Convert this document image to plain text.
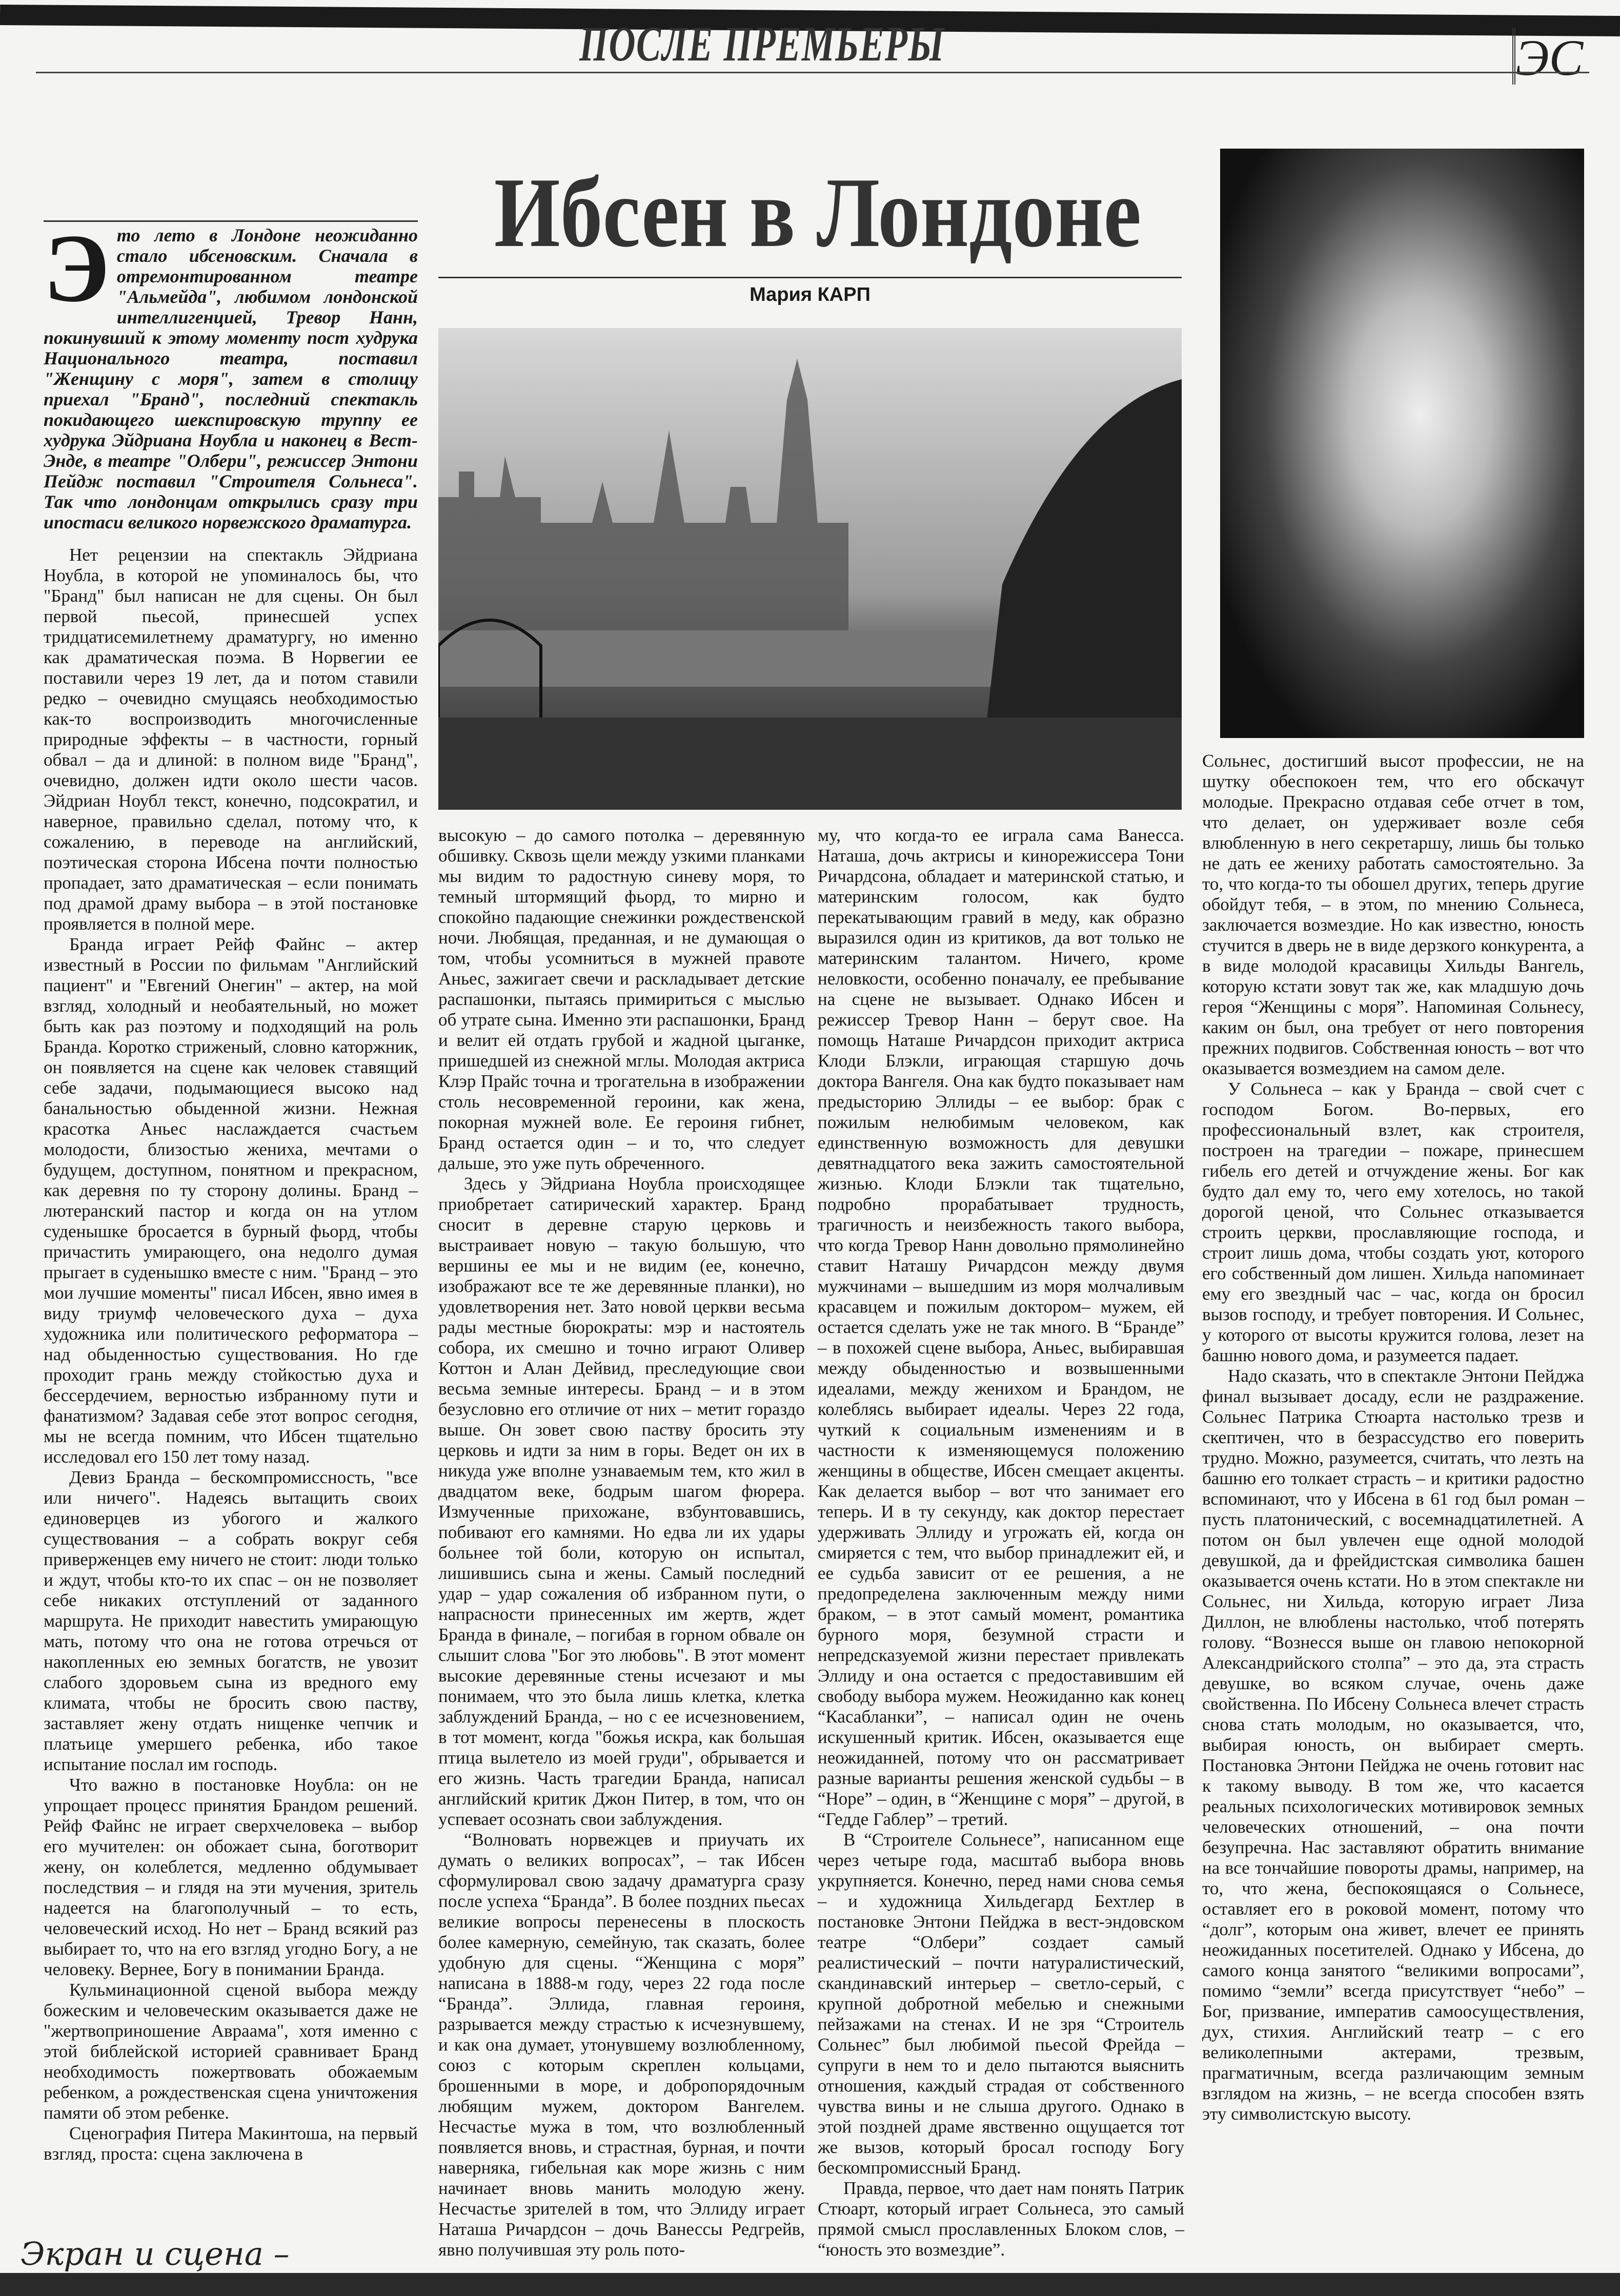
ПОСЛЕ ПРЕМЬЕРЫ	ЭС
Э то лето в Лондоне неожиданно стало ибсеновским. Сначала в отремонтированном театре "Альмейда", любимом лондонской интеллигенцией, Тревор Нанн, покинувший к этому моменту пост худрука Национального театра, поставил "Женщину с моря", затем в столицу приехал "Бранд", последний спектакль покидающего шекспировскую труппу ее худрука Эйдриана Ноубла и наконец в Вест-Энде, в театре "Олбери", режиссер Энтони Пейдж поставил "Строителя Сольнеса". Так что лондонцам открылись сразу три ипостаси великого норвежского драматурга.

Нет рецензии на спектакль Эйдриана Ноубла, в которой не упоминалось бы, что "Бранд" был написан не для сцены. Он был первой пьесой, принесшей успех тридцатисемилетнему драматургу, но именно как драматическая поэма. В Норвегии ее поставили через 19 лет, да и потом ставили редко – очевидно смущаясь необходимостью как-то воспроизводить многочисленные природные эффекты – в частности, горный обвал – да и длиной: в полном виде "Бранд", очевидно, должен идти около шести часов. Эйдриан Ноубл текст, конечно, подсократил, и наверное, правильно сделал, потому что, к сожалению, в переводе на английский, поэтическая сторона Ибсена почти полностью пропадает, зато драматическая – если понимать под драмой драму выбора – в этой постановке проявляется в полной мере.

Бранда играет Рейф Файнс – актер известный в России по фильмам "Английский пациент" и "Евгений Онегин" – актер, на мой взгляд, холодный и необаятельный, но может быть как раз поэтому и подходящий на роль Бранда. Коротко стриженый, словно каторжник, он появляется на сцене как человек ставящий себе задачи, подымающиеся высоко над банальностью обыденной жизни. Нежная красотка Аньес наслаждается счастьем молодости, близостью жениха, мечтами о будущем, доступном, понятном и прекрасном, как деревня по ту сторону долины. Бранд – лютеранский пастор и когда он на утлом суденышке бросается в бурный фьорд, чтобы причастить умирающего, она недолго думая прыгает в суденышко вместе с ним. "Бранд – это мои лучшие моменты" писал Ибсен, явно имея в виду триумф человеческого духа – духа художника или политического реформатора – над обыденностью существования. Но где проходит грань между стойкостью духа и бессердечием, верностью избранному пути и фанатизмом? Задавая себе этот вопрос сегодня, мы не всегда помним, что Ибсен тщательно исследовал его 150 лет тому назад.

Девиз Бранда – бескомпромиссность, "все или ничего". Надеясь вытащить своих единоверцев из убогого и жалкого существования – а собрать вокруг себя приверженцев ему ничего не стоит: люди только и ждут, чтобы кто-то их спас – он не позволяет себе никаких отступлений от заданного маршрута. Не приходит навестить умирающую мать, потому что она не готова отречься от накопленных ею земных богатств, не увозит слабого здоровьем сына из вредного ему климата, чтобы не бросить свою паству, заставляет жену отдать нищенке чепчик и платьице умершего ребенка, ибо такое испытание послал им господь.

Что важно в постановке Ноубла: он не упрощает процесс принятия Брандом решений. Рейф Файнс не играет сверхчеловека – выбор его мучителен: он обожает сына, боготворит жену, он колеблется, медленно обдумывает последствия – и глядя на эти мучения, зритель надеется на благополучный – то есть, человеческий исход. Но нет – Бранд всякий раз выбирает то, что на его взгляд угодно Богу, а не человеку. Вернее, Богу в понимании Бранда.

Кульминационной сценой выбора между божеским и человеческим оказывается даже не "жертвоприношение Авраама", хотя именно с этой библейской историей сравнивает Бранд необходимость пожертвовать обожаемым ребенком, а рождественская сцена уничтожения памяти об этом ребенке.

Сценография Питера Макинтоша, на первый взгляд, проста: сцена заключена в

Ибсен в Лондоне
Мария КАРП

высокую – до самого потолка – деревянную обшивку. Сквозь щели между узкими планками мы видим то радостную синеву моря, то темный штормящий фьорд, то мирно и спокойно падающие снежинки рождественской ночи. Любящая, преданная, и не думающая о том, чтобы усомниться в мужней правоте Аньес, зажигает свечи и раскладывает детские распашонки, пытаясь примириться с мыслью об утрате сына. Именно эти распашонки, Бранд и велит ей отдать грубой и жадной цыганке, пришедшей из снежной мглы. Молодая актриса Клэр Прайс точна и трогательна в изображении столь несовременной героини, как жена, покорная мужней воле. Ее героиня гибнет, Бранд остается один – и то, что следует дальше, это уже путь обреченного.

Здесь у Эйдриана Ноубла происходящее приобретает сатирический характер. Бранд сносит в деревне старую церковь и выстраивает новую – такую большую, что вершины ее мы и не видим (ее, конечно, изображают все те же деревянные планки), но удовлетворения нет. Зато новой церкви весьма рады местные бюрократы: мэр и настоятель собора, их смешно и точно играют Оливер Коттон и Алан Дейвид, преследующие свои весьма земные интересы. Бранд – и в этом безусловно его отличие от них – метит гораздо выше. Он зовет свою паству бросить эту церковь и идти за ним в горы. Ведет он их в никуда уже вполне узнаваемым тем, кто жил в двадцатом веке, бодрым шагом фюрера. Измученные прихожане, взбунтовавшись, побивают его камнями. Но едва ли их удары больнее той боли, которую он испытал, лишившись сына и жены. Самый последний удар – удар сожаления об избранном пути, о напрасности принесенных им жертв, ждет Бранда в финале, – погибая в горном обвале он слышит слова "Бог это любовь". В этот момент высокие деревянные стены исчезают и мы понимаем, что это была лишь клетка, клетка заблуждений Бранда, – но с ее исчезновением, в тот момент, когда "божья искра, как большая птица вылетело из моей груди", обрывается и его жизнь. Часть трагедии Бранда, написал английский критик Джон Питер, в том, что он успевает осознать свои заблуждения.

“Волновать норвежцев и приучать их думать о великих вопросах”, – так Ибсен сформулировал свою задачу драматурга сразу после успеха “Бранда”. В более поздних пьесах великие вопросы перенесены в плоскость более камерную, семейную, так сказать, более удобную для сцены. “Женщина с моря” написана в 1888-м году, через 22 года после “Бранда”. Эллида, главная героиня, разрывается между страстью к исчезнувшему, и как она думает, утонувшему возлюбленному, союз с которым скреплен кольцами, брошенными в море, и добропорядочным любящим мужем, доктором Вангелем. Несчастье мужа в том, что возлюбленный появляется вновь, и страстная, бурная, и почти наверняка, гибельная как море жизнь с ним начинает вновь манить молодую жену. Несчастье зрителей в том, что Эллиду играет Наташа Ричардсон – дочь Ванессы Редгрейв, явно получившая эту роль пото-

му, что когда-то ее играла сама Ванесса. Наташа, дочь актрисы и кинорежиссера Тони Ричардсона, обладает и материнской статью, и материнским голосом, как будто перекатывающим гравий в меду, как образно выразился один из критиков, да вот только не материнским талантом. Ничего, кроме неловкости, особенно поначалу, ее пребывание на сцене не вызывает. Однако Ибсен и режиссер Тревор Нанн – берут свое. На помощь Наташе Ричардсон приходит актриса Клоди Блэкли, играющая старшую дочь доктора Вангеля. Она как будто показывает нам предысторию Эллиды – ее выбор: брак с пожилым нелюбимым человеком, как единственную возможность для девушки девятнадцатого века зажить самостоятельной жизнью. Клоди Блэкли так тщательно, подробно прорабатывает трудность, трагичность и неизбежность такого выбора, что когда Тревор Нанн довольно прямолинейно ставит Наташу Ричардсон между двумя мужчинами – вышедшим из моря молчаливым красавцем и пожилым доктором– мужем, ей остается сделать уже не так много. В “Бранде” – в похожей сцене выбора, Аньес, выбиравшая между обыденностью и возвышенными идеалами, между женихом и Брандом, не колеблясь выбирает идеалы. Через 22 года, чуткий к социальным изменениям и в частности к изменяющемуся положению женщины в обществе, Ибсен смещает акценты. Как делается выбор – вот что занимает его теперь. И в ту секунду, как доктор перестает удерживать Эллиду и угрожать ей, когда он смиряется с тем, что выбор принадлежит ей, и ее судьба зависит от ее решения, а не предопределена заключенным между ними браком, – в этот самый момент, романтика бурного моря, безумной страсти и непредсказуемой жизни перестает привлекать Эллиду и она остается с предоставившим ей свободу выбора мужем. Неожиданно как конец “Касабланки”, – написал один не очень искушенный критик. Ибсен, оказывается еще неожиданней, потому что он рассматривает разные варианты решения женской судьбы – в “Норе” – один, в “Женщине с моря” – другой, в “Гедде Габлер” – третий.

В “Строителе Сольнесе”, написанном еще через четыре года, масштаб выбора вновь укрупняется. Конечно, перед нами снова семья – и художница Хильдегард Бехтлер в постановке Энтони Пейджа в вест-эндовском театре “Олбери” создает самый реалистический – почти натуралистический, скандинавский интерьер – светло-серый, с крупной добротной мебелью и снежными пейзажами на стенах. И не зря “Строитель Сольнес” был любимой пьесой Фрейда – супруги в нем то и дело пытаются выяснить отношения, каждый страдая от собственного чувства вины и не слыша другого. Однако в этой поздней драме явственно ощущается тот же вызов, который бросал господу Богу бескомпромиссный Бранд.

Правда, первое, что дает нам понять Патрик Стюарт, который играет Сольнеса, это самый прямой смысл прославленных Блоком слов, – “юность это возмездие”.

Сольнес, достигший высот профессии, не на шутку обеспокоен тем, что его обскачут молодые. Прекрасно отдавая себе отчет в том, что делает, он удерживает возле себя влюбленную в него секретаршу, лишь бы только не дать ее жениху работать самостоятельно. За то, что когда-то ты обошел других, теперь другие обойдут тебя, – в этом, по мнению Сольнеса, заключается возмездие. Но как известно, юность стучится в дверь не в виде дерзкого конкурента, а в виде молодой красавицы Хильды Вангель, которую кстати зовут так же, как младшую дочь героя “Женщины с моря”. Напоминая Сольнесу, каким он был, она требует от него повторения прежних подвигов. Собственная юность – вот что оказывается возмездием на самом деле.

У Сольнеса – как у Бранда – свой счет с господом Богом. Во-первых, его профессиональный взлет, как строителя, построен на трагедии – пожаре, принесшем гибель его детей и отчуждение жены. Бог как будто дал ему то, чего ему хотелось, но такой дорогой ценой, что Сольнес отказывается строить церкви, прославляющие господа, и строит лишь дома, чтобы создать уют, которого его собственный дом лишен. Хильда напоминает ему его звездный час – час, когда он бросил вызов господу, и требует повторения. И Сольнес, у которого от высоты кружится голова, лезет на башню нового дома, и разумеется падает.

Надо сказать, что в спектакле Энтони Пейджа финал вызывает досаду, если не раздражение. Сольнес Патрика Стюарта настолько трезв и скептичен, что в безрассудство его поверить трудно. Можно, разумеется, считать, что лезть на башню его толкает страсть – и критики радостно вспоминают, что у Ибсена в 61 год был роман – пусть платонический, с восемнадцатилетней. А потом он был увлечен еще одной молодой девушкой, да и фрейдистская символика башен оказывается очень кстати. Но в этом спектакле ни Сольнес, ни Хильда, которую играет Лиза Диллон, не влюблены настолько, чтоб потерять голову. “Вознесся выше он главою непокорной Александрийского столпа” – это да, эта страсть девушке, во всяком случае, очень даже свойственна. По Ибсену Сольнеса влечет страсть снова стать молодым, но оказывается, что, выбирая юность, он выбирает смерть. Постановка Энтони Пейджа не очень готовит нас к такому выводу. В том же, что касается реальных психологических мотивировок земных человеческих отношений, – она почти безупречна. Нас заставляют обратить внимание на все тончайшие повороты драмы, например, на то, что жена, беспокоящаяся о Сольнесе, оставляет его в роковой момент, потому что “долг”, которым она живет, влечет ее принять неожиданных посетителей. Однако у Ибсена, до самого конца занятого “великими вопросами”, помимо “земли” всегда присутствует “небо” – Бог, призвание, императив самоосуществления, дух, стихия. Английский театр – с его великолепными актерами, трезвым, прагматичным, всегда различающим земным взглядом на жизнь, – не всегда способен взять эту символистскую высоту.

Экран и сцена –
